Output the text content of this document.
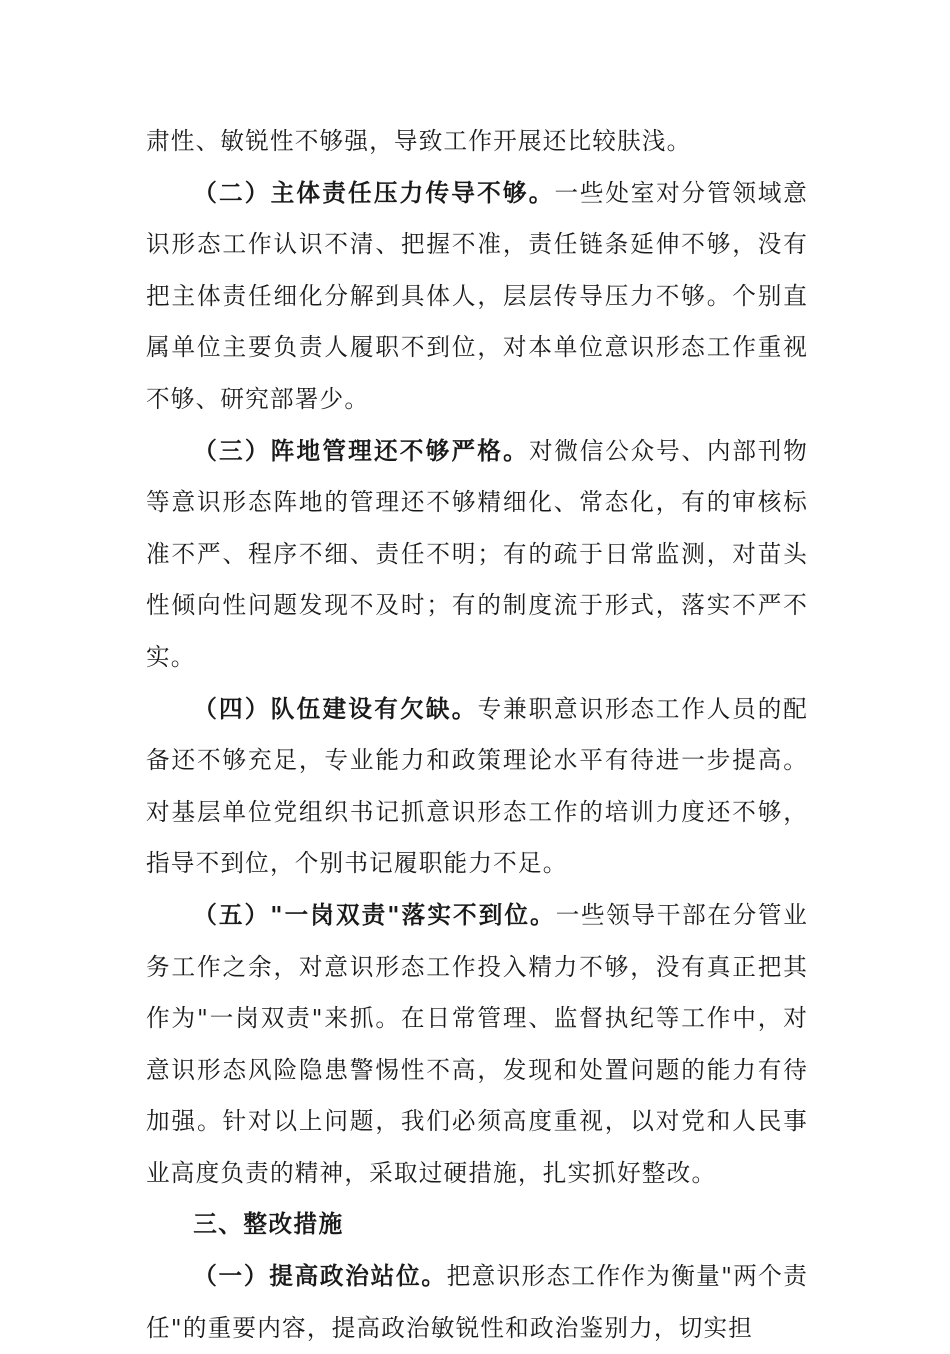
肃性、敏锐性不够强，导致工作开展还比较肤浅。

（二）主体责任压力传导不够。一些处室对分管领域意识形态工作认识不清、把握不准，责任链条延伸不够，没有把主体责任细化分解到具体人，层层传导压力不够。个别直属单位主要负责人履职不到位，对本单位意识形态工作重视不够、研究部署少。

（三）阵地管理还不够严格。对微信公众号、内部刊物等意识形态阵地的管理还不够精细化、常态化，有的审核标准不严、程序不细、责任不明；有的疏于日常监测，对苗头性倾向性问题发现不及时；有的制度流于形式，落实不严不实。

（四）队伍建设有欠缺。专兼职意识形态工作人员的配备还不够充足，专业能力和政策理论水平有待进一步提高。对基层单位党组织书记抓意识形态工作的培训力度还不够，指导不到位，个别书记履职能力不足。

（五）"一岗双责"落实不到位。一些领导干部在分管业务工作之余，对意识形态工作投入精力不够，没有真正把其作为"一岗双责"来抓。在日常管理、监督执纪等工作中，对意识形态风险隐患警惕性不高，发现和处置问题的能力有待加强。针对以上问题，我们必须高度重视，以对党和人民事业高度负责的精神，采取过硬措施，扎实抓好整改。

三、整改措施

（一）提高政治站位。把意识形态工作作为衡量"两个责任"的重要内容，提高政治敏锐性和政治鉴别力，切实担
